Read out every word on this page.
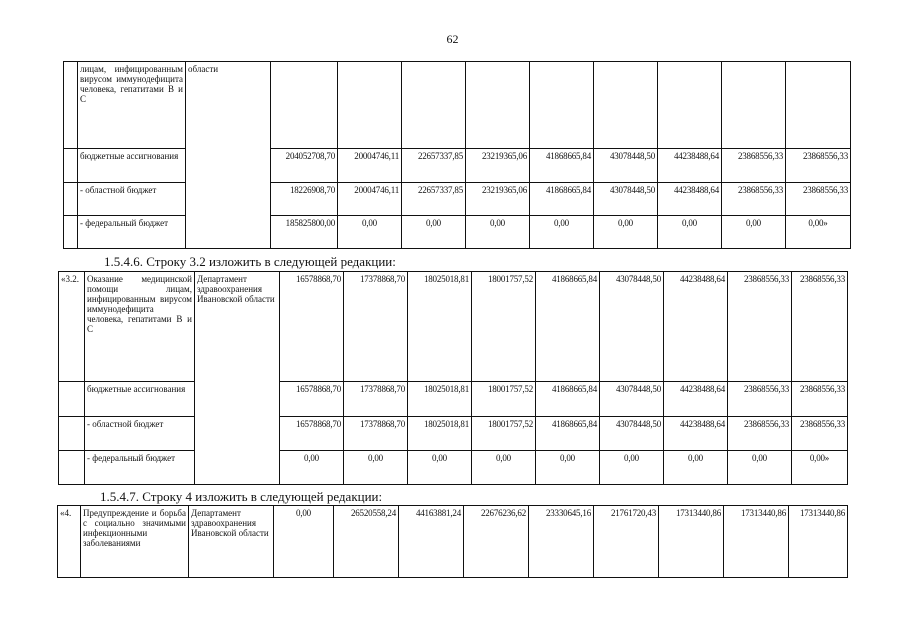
62
	лицам, инфицированным вирусом иммунодефицита человека, гепатитами В и С	области									
	бюджетные ассигнования		204052708,70	20004746,11	22657337,85	23219365,06	41868665,84	43078448,50	44238488,64	23868556,33	23868556,33
	- областной бюджет		18226908,70	20004746,11	22657337,85	23219365,06	41868665,84	43078448,50	44238488,64	23868556,33	23868556,33
	- федеральный бюджет		185825800,00	0,00	0,00	0,00	0,00	0,00	0,00	0,00	0,00»
1.5.4.6. Строку 3.2 изложить в следующей редакции:
«3.2.	Оказание медицинской помощи лицам, инфицированным вирусом иммунодефицита человека, гепатитами В и С	Департамент здравоохранения Ивановской области	16578868,70	17378868,70	18025018,81	18001757,52	41868665,84	43078448,50	44238488,64	23868556,33	23868556,33
	бюджетные ассигнования		16578868,70	17378868,70	18025018,81	18001757,52	41868665,84	43078448,50	44238488,64	23868556,33	23868556,33
	- областной бюджет		16578868,70	17378868,70	18025018,81	18001757,52	41868665,84	43078448,50	44238488,64	23868556,33	23868556,33
	- федеральный бюджет		0,00	0,00	0,00	0,00	0,00	0,00	0,00	0,00	0,00»
1.5.4.7. Строку 4 изложить в следующей редакции:
«4.	Предупреждение и борьба с социально значимыми инфекционными заболеваниями	Департамент здравоохранения Ивановской области	0,00	26520558,24	44163881,24	22676236,62	23330645,16	21761720,43	17313440,86	17313440,86	17313440,86
